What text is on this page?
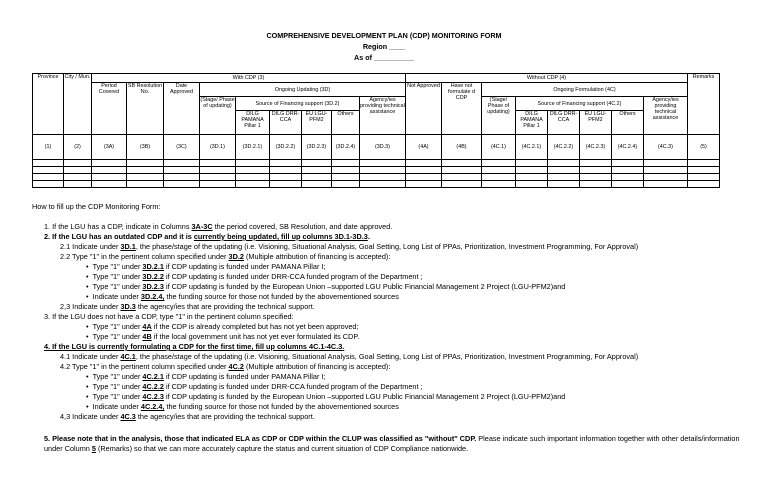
COMPREHENSIVE DEVELOPMENT PLAN (CDP) MONITORING FORM
Region ____
As of __________
Province	City / Mun.	With CDP (3)									Without CDP (4)								Remarks
		Period Covered	SB Resolution No.	Date Approved	Ongoing Updating (3D)						Not Approved	Have not formulate d CDP	Ongoing Formulation (4C)						
					(Stage/ Phase of updating)	Source of Financing support (3D.2)				Agency/ies providing technical assistance			(Stage/ Phase of updating)	Source of Financing support (4C.2)				Agency/ies providing technical assistance	
						DILG PAMANA Pillar 1	DILG DRR-CCA	EU LGU-PFM2	Others					DILG PAMANA Pillar 1	DILG DRR-CCA	EU LGU-PFM2	Others		
(1)	(2)	(3A)	(3B)	(3C)	(3D.1)	(3D.2.1)	(3D.2.2)	(3D.2.3)	(3D.2.4)	(3D.3)	(4A)	(4B)	(4C.1)	(4C.2.1)	(4C.2.2)	(4C.2.3)	(4C.2.4)	(4C.3)	(5)

How to fill up the CDP Monitoring Form:
1. If the LGU has a CDP, indicate in Columns 3A-3C the period covered, SB Resolution, and date approved.
2. If the LGU has an outdated CDP and it is currently being updated, fill up columns 3D.1-3D.3.
2.1 Indicate under 3D.1, the phase/stage of the updating (i.e. Visioning, Situational Analysis, Goal Setting, Long List of PPAs, Prioritization, Investment Programming, For Approval)
2.2 Type "1" in the pertinent column specified under 3D.2 (Multiple attribution of financing is accepted):
•  Type "1" under 3D.2.1 if CDP updating is funded under PAMANA Pillar I;
•  Type "1" under 3D.2.2 if CDP updating is funded under DRR-CCA funded program of the Department ;
•  Type "1" under 3D.2.3 if CDP updating is funded by the European Union –supported LGU Public Financial Management 2 Project (LGU-PFM2)and
•  Indicate under 3D.2.4, the funding source for those not funded by the abovementioned sources
2,3 Indicate under 3D.3 the agency/ies that are providing the technical support.
3. If the LGU does not have a CDP, type "1" in the pertinent column specified:
•  Type "1" under 4A if the CDP is already completed but has not yet been approved;
•  Type "1" under 4B if the local government unit has not yet ever formulated its CDP.
4. If the LGU is currently formulating a CDP for the first time, fill up columns 4C.1-4C.3.
4.1 Indicate under 4C.1, the phase/stage of the updating (i.e. Visioning, Situational Analysis, Goal Setting, Long List of PPAs, Prioritization, Investment Programming, For Approval)
4.2 Type "1" in the pertinent column specified under 4C.2 (Multiple attribution of financing is accepted):
•  Type "1" under 4C.2.1 if CDP updating is funded under PAMANA Pillar I;
•  Type "1" under 4C.2.2 if CDP updating is funded under DRR-CCA funded program of the Department ;
•  Type "1" under 4C.2.3 if CDP updating is funded by the European Union –supported LGU Public Financial Management 2 Project (LGU-PFM2)and
•  Indicate under 4C.2.4, the funding source for those not funded by the abovementioned sources
4,3 Indicate under 4C.3 the agency/ies that are providing the technical support.
5. Please note that in the analysis, those that indicated ELA as CDP or CDP within the CLUP was classified as "without" CDP. Please indicate such important information together with other details/information under Column 5 (Remarks) so that we can more accurately capture the status and current situation of CDP Compliance nationwide.
